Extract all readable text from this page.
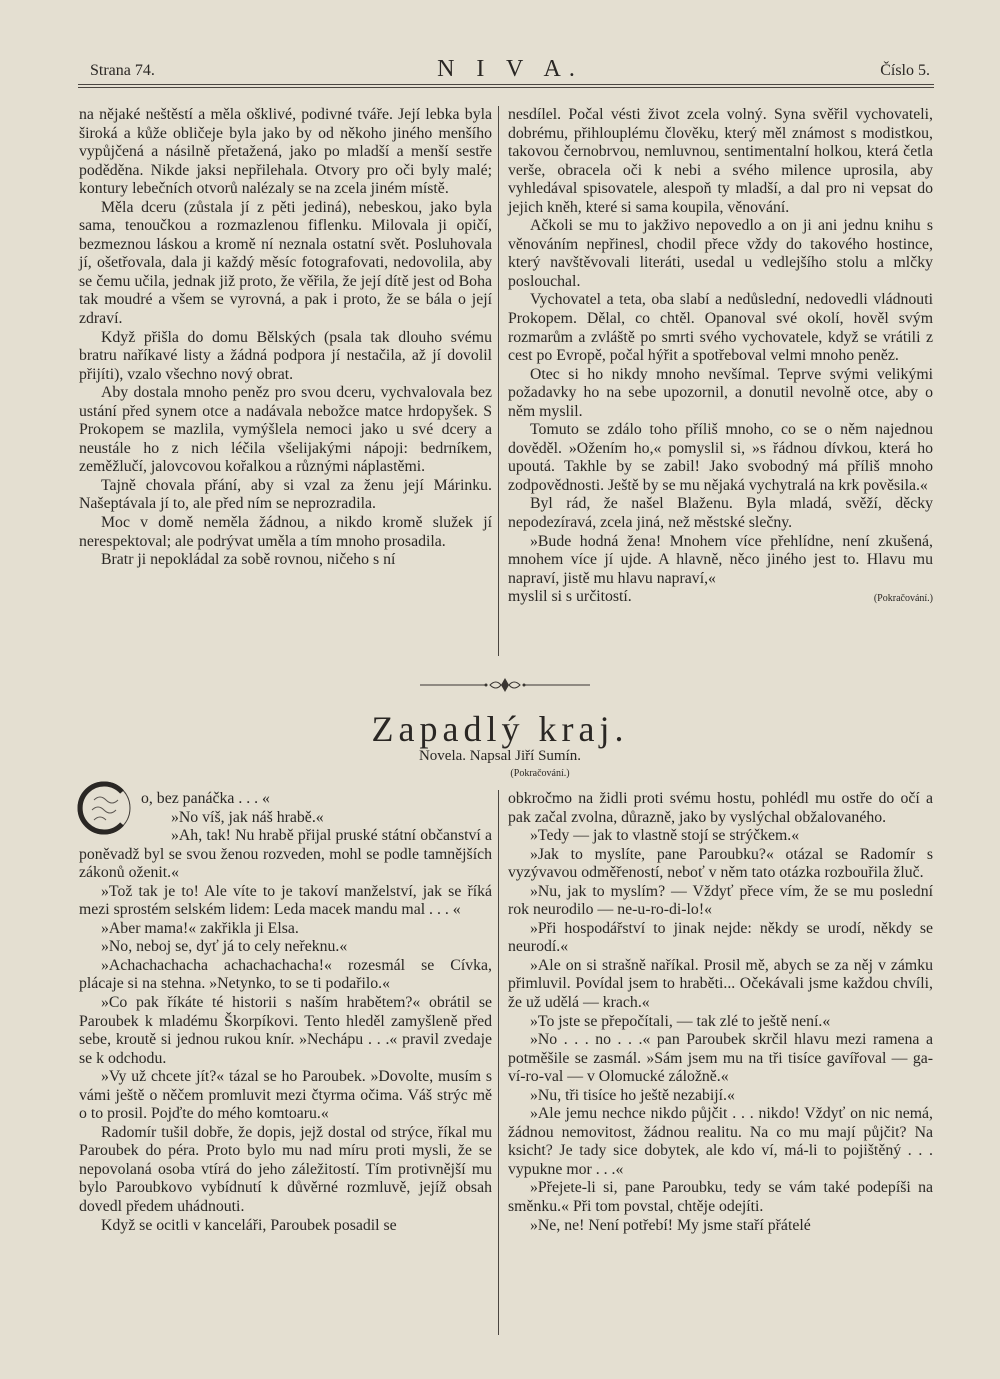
Strana 74.	N I V A.	Číslo 5.

na nějaké neštěstí a měla ošklivé, podivné tváře. Její lebka byla široká a kůže obličeje byla jako by od někoho jiného menšího vypůjčená a násilně přetažená, jako po mladší a menší sestře poděděna. Nikde jaksi nepřilehala. Otvory pro oči byly malé; kontury lebečních otvorů nalézaly se na zcela jiném místě.

Měla dceru (zůstala jí z pěti jediná), nebeskou, jako byla sama, tenoučkou a rozmazlenou fiflenku. Milovala ji opičí, bezmeznou láskou a kromě ní neznala ostatní svět. Posluhovala jí, ošetřovala, dala ji každý měsíc fotografovati, nedovolila, aby se čemu učila, jednak již proto, že věřila, že její dítě jest od Boha tak moudré a všem se vyrovná, a pak i proto, že se bála o její zdraví.

Když přišla do domu Bělských (psala tak dlouho svému bratru naříkavé listy a žádná podpora jí nestačila, až jí dovolil přijíti), vzalo všechno nový obrat.

Aby dostala mnoho peněz pro svou dceru, vychvalovala bez ustání před synem otce a nadávala nebožce matce hrdopyšek. S Prokopem se mazlila, vymýšlela nemoci jako u své dcery a neustále ho z nich léčila všelijakými nápoji: bedrníkem, zeměžlučí, jalovcovou kořalkou a různými náplastěmi.

Tajně chovala přání, aby si vzal za ženu její Márinku. Našeptávala jí to, ale před ním se neprozradila.

Moc v domě neměla žádnou, a nikdo kromě služek jí nerespektoval; ale podrývat uměla a tím mnoho prosadila.

Bratr ji nepokládal za sobě rovnou, ničeho s ní

nesdílel. Počal vésti život zcela volný. Syna svěřil vychovateli, dobrému, přihlouplému člověku, který měl známost s modistkou, takovou černobrvou, nemluvnou, sentimentalní holkou, která četla verše, obracela oči k nebi a svého milence uprosila, aby vyhledával spisovatele, alespoň ty mladší, a dal pro ni vepsat do jejich kněh, které si sama koupila, věnování.

Ačkoli se mu to jakživo nepovedlo a on ji ani jednu knihu s věnováním nepřinesl, chodil přece vždy do takového hostince, který navštěvovali literáti, usedal u vedlejšího stolu a mlčky poslouchal.

Vychovatel a teta, oba slabí a nedůslední, nedovedli vládnouti Prokopem. Dělal, co chtěl. Opanoval své okolí, hověl svým rozmarům a zvláště po smrti svého vychovatele, když se vrátili z cest po Evropě, počal hýřit a spotřeboval velmi mnoho peněz.

Otec si ho nikdy mnoho nevšímal. Teprve svými velikými požadavky ho na sebe upozornil, a donutil nevolně otce, aby o něm myslil.

Tomuto se zdálo toho příliš mnoho, co se o něm najednou dověděl. »Ožením ho,« pomyslil si, »s řádnou dívkou, která ho upoutá. Takhle by se zabil! Jako svobodný má příliš mnoho zodpovědnosti. Ještě by se mu nějaká vychytralá na krk pověsila.«

Byl rád, že našel Blaženu. Byla mladá, svěží, děcky nepodezíravá, zcela jiná, než městské slečny.

»Bude hodná žena! Mnohem více přehlídne, není zkušená, mnohem více jí ujde. A hlavně, něco jiného jest to. Hlavu mu napraví, jistě mu hlavu napraví,«

myslil si s určitostí.	(Pokračování.)

Zapadlý kraj.
Novela. Napsal Jiří Sumín.
(Pokračování.)
C

o, bez panáčka . . . «

»No víš, jak náš hrabě.«

»Ah, tak! Nu hrabě přijal pruské státní občanství a poněvadž byl se svou ženou rozveden, mohl se podle tamnějších zákonů oženit.«

»Tož tak je to! Ale víte to je takoví manželství, jak se říká mezi sprostém selském lidem: Leda macek mandu mal . . . «

»Aber mama!« zakřikla ji Elsa.

»No, neboj se, dyť já to cely neřeknu.«

»Achachachacha achachachacha!« rozesmál se Cívka, plácaje si na stehna. »Netynko, to se ti podařilo.«

»Co pak říkáte té historii s naším hrabětem?« obrátil se Paroubek k mladému Škorpíkovi. Tento hleděl zamyšleně před sebe, kroutě si jednou rukou knír. »Nechápu . . .« pravil zvedaje se k odchodu.

»Vy už chcete jít?« tázal se ho Paroubek. »Dovolte, musím s vámi ještě o něčem promluvit mezi čtyrma očima. Váš strýc mě o to prosil. Pojďte do mého komtoaru.«

Radomír tušil dobře, že dopis, jejž dostal od strýce, říkal mu Paroubek do péra. Proto bylo mu nad míru proti mysli, že se nepovolaná osoba vtírá do jeho záležitostí. Tím protivnější mu bylo Paroubkovo vybídnutí k důvěrné rozmluvě, jejíž obsah dovedl předem uhádnouti.

Když se ocitli v kanceláři, Paroubek posadil se

obkročmo na židli proti svému hostu, pohlédl mu ostře do očí a pak začal zvolna, důrazně, jako by vyslýchal obžalovaného.

»Tedy — jak to vlastně stojí se strýčkem.«

»Jak to myslíte, pane Paroubku?« otázal se Radomír s vyzývavou odměřeností, neboť v něm tato otázka rozbouřila žluč.

»Nu, jak to myslím? — Vždyť přece vím, že se mu poslední rok neurodilo — ne-u-ro-di-lo!«

»Při hospodářství to jinak nejde: někdy se urodí, někdy se neurodí.«

»Ale on si strašně naříkal. Prosil mě, abych se za něj v zámku přimluvil. Povídal jsem to hraběti... Očekávali jsme každou chvíli, že už udělá — krach.«

»To jste se přepočítali, — tak zlé to ještě není.«

»No . . . no . . .« pan Paroubek skrčil hlavu mezi ramena a potměšile se zasmál. »Sám jsem mu na tři tisíce gavířoval — ga-ví-ro-val — v Olomucké záložně.«

»Nu, tři tisíce ho ještě nezabijí.«

»Ale jemu nechce nikdo půjčit . . . nikdo! Vždyť on nic nemá, žádnou nemovitost, žádnou realitu. Na co mu mají půjčit? Na ksicht? Je tady sice dobytek, ale kdo ví, má-li to pojištěný . . . vypukne mor . . .«

»Přejete-li si, pane Paroubku, tedy se vám také podepíši na směnku.« Při tom povstal, chtěje odejíti.

»Ne, ne! Není potřebí! My jsme staří přátelé
